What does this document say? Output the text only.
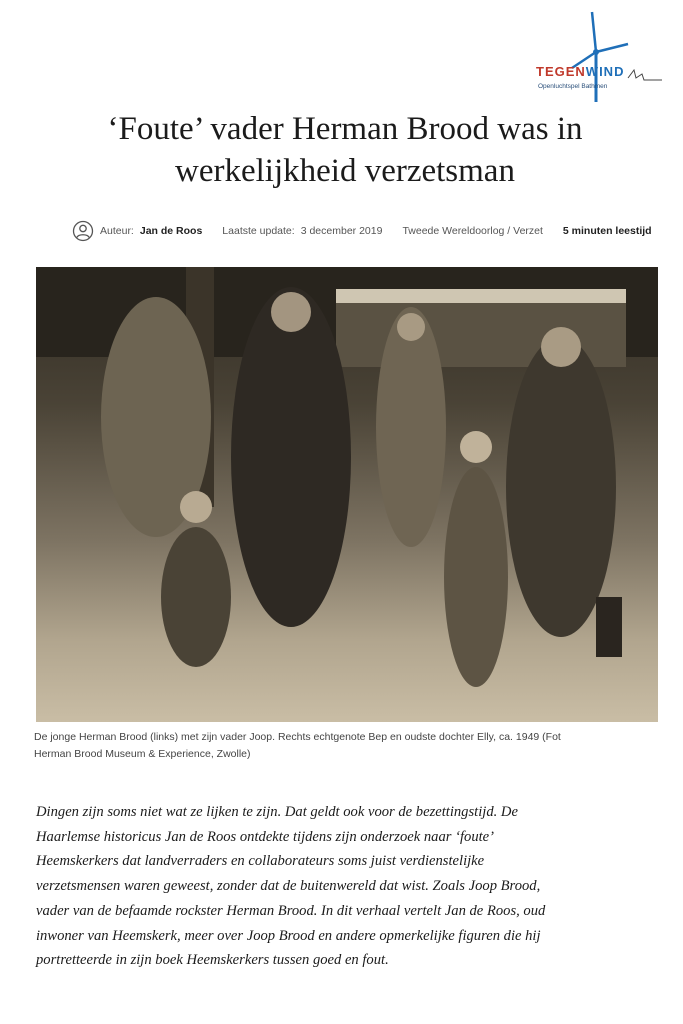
TEGENWIND
Openluchtspel Bathmen
‘Foute’ vader Herman Brood was in
werkelijkheid verzetsman
Auteur: Jan de Roos Laatste update: 3 december 2019 Tweede Wereldoorlog / Verzet 5 minuten leestijd
De jonge Herman Brood (links) met zijn vader Joop. Rechts echtgenote Bep en oudste dochter Elly, ca. 1949 (Fot
Herman Brood Museum & Experience, Zwolle)
Dingen zijn soms niet wat ze lijken te zijn. Dat geldt ook voor de bezettingstijd. De
Haarlemse historicus Jan de Roos ontdekte tijdens zijn onderzoek naar ‘foute’
Heemskerkers dat landverraders en collaborateurs soms juist verdienstelijke
verzetsmensen waren geweest, zonder dat de buitenwereld dat wist. Zoals Joop Brood,
vader van de befaamde rockster Herman Brood. In dit verhaal vertelt Jan de Roos, oud
inwoner van Heemskerk, meer over Joop Brood en andere opmerkelijke figuren die hij
portretteerde in zijn boek Heemskerkers tussen goed en fout.
